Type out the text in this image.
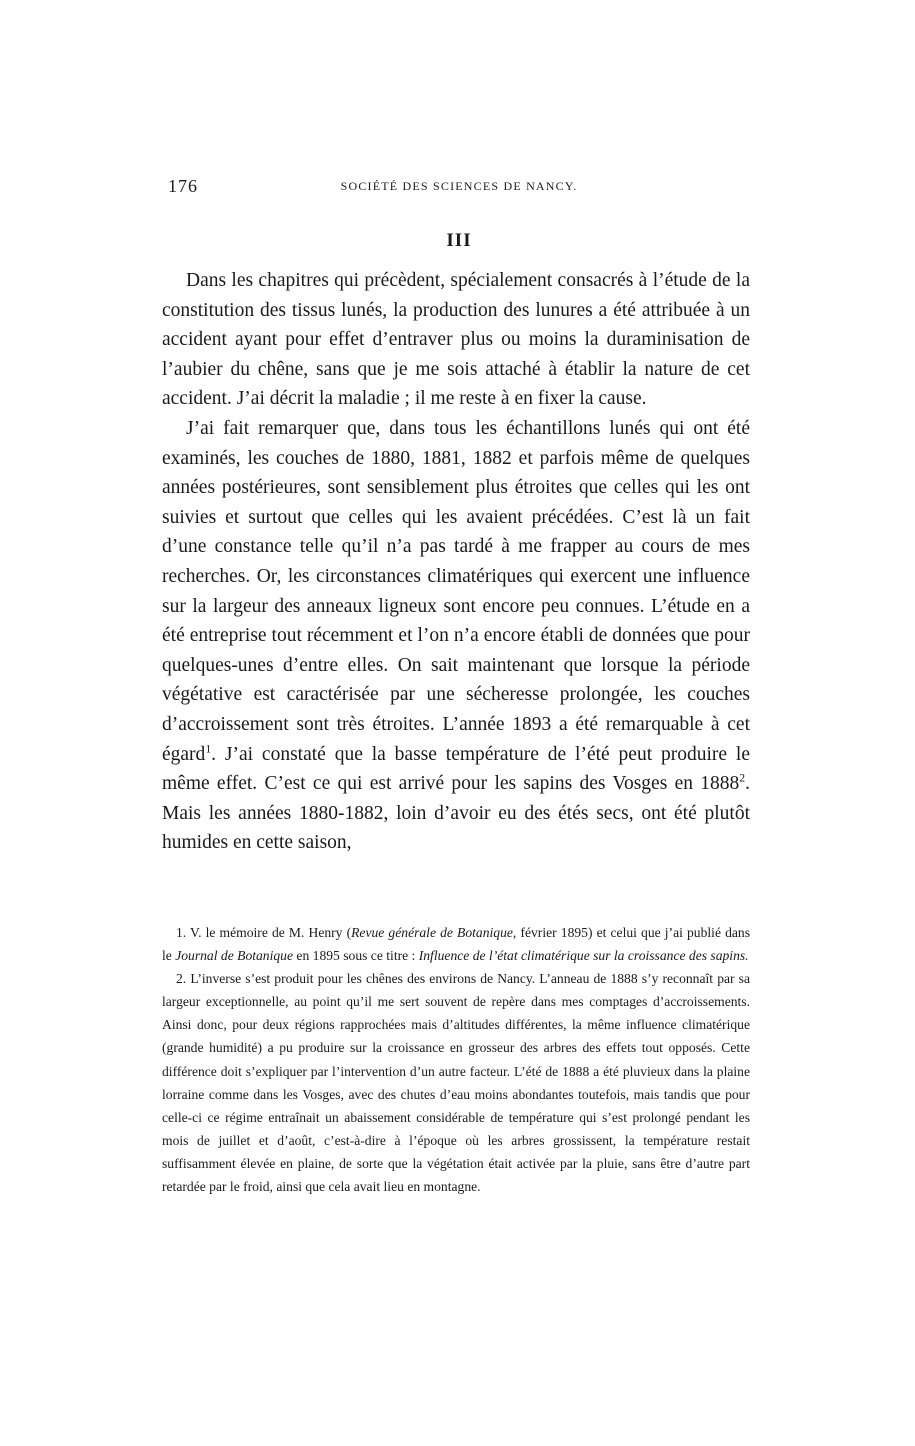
176	SOCIÉTÉ DES SCIENCES DE NANCY.
III

Dans les chapitres qui précèdent, spécialement consacrés à l’étude de la constitution des tissus lunés, la production des lunures a été attribuée à un accident ayant pour effet d’entraver plus ou moins la duraminisation de l’aubier du chêne, sans que je me sois attaché à établir la nature de cet accident. J’ai décrit la maladie ; il me reste à en fixer la cause.

J’ai fait remarquer que, dans tous les échantillons lunés qui ont été examinés, les couches de 1880, 1881, 1882 et parfois même de quelques années postérieures, sont sensiblement plus étroites que celles qui les ont suivies et surtout que celles qui les avaient précédées. C’est là un fait d’une constance telle qu’il n’a pas tardé à me frapper au cours de mes recherches. Or, les circonstances climatériques qui exercent une influence sur la largeur des anneaux ligneux sont encore peu connues. L’étude en a été entreprise tout récemment et l’on n’a encore établi de données que pour quelques-unes d’entre elles. On sait maintenant que lorsque la période végétative est caractérisée par une sécheresse prolongée, les couches d’accroissement sont très étroites. L’année 1893 a été remarquable à cet égard$^1$. J’ai constaté que la basse température de l’été peut produire le même effet. C’est ce qui est arrivé pour les sapins des Vosges en 1888$^2$. Mais les années 1880-1882, loin d’avoir eu des étés secs, ont été plutôt humides en cette saison,

1. V. le mémoire de M. Henry (Revue générale de Botanique, février 1895) et celui que j’ai publié dans le Journal de Botanique en 1895 sous ce titre : Influence de l’état climatérique sur la croissance des sapins.

2. L’inverse s’est produit pour les chênes des environs de Nancy. L’anneau de 1888 s’y reconnaît par sa largeur exceptionnelle, au point qu’il me sert souvent de repère dans mes comptages d’accroissements. Ainsi donc, pour deux régions rapprochées mais d’altitudes différentes, la même influence climatérique (grande humidité) a pu produire sur la croissance en grosseur des arbres des effets tout opposés. Cette différence doit s’expliquer par l’intervention d’un autre facteur. L’été de 1888 a été pluvieux dans la plaine lorraine comme dans les Vosges, avec des chutes d’eau moins abondantes toutefois, mais tandis que pour celle-ci ce régime entraînait un abaissement considérable de température qui s’est prolongé pendant les mois de juillet et d’août, c’est-à-dire à l’époque où les arbres grossissent, la température restait suffisamment élevée en plaine, de sorte que la végétation était activée par la pluie, sans être d’autre part retardée par le froid, ainsi que cela avait lieu en montagne.
